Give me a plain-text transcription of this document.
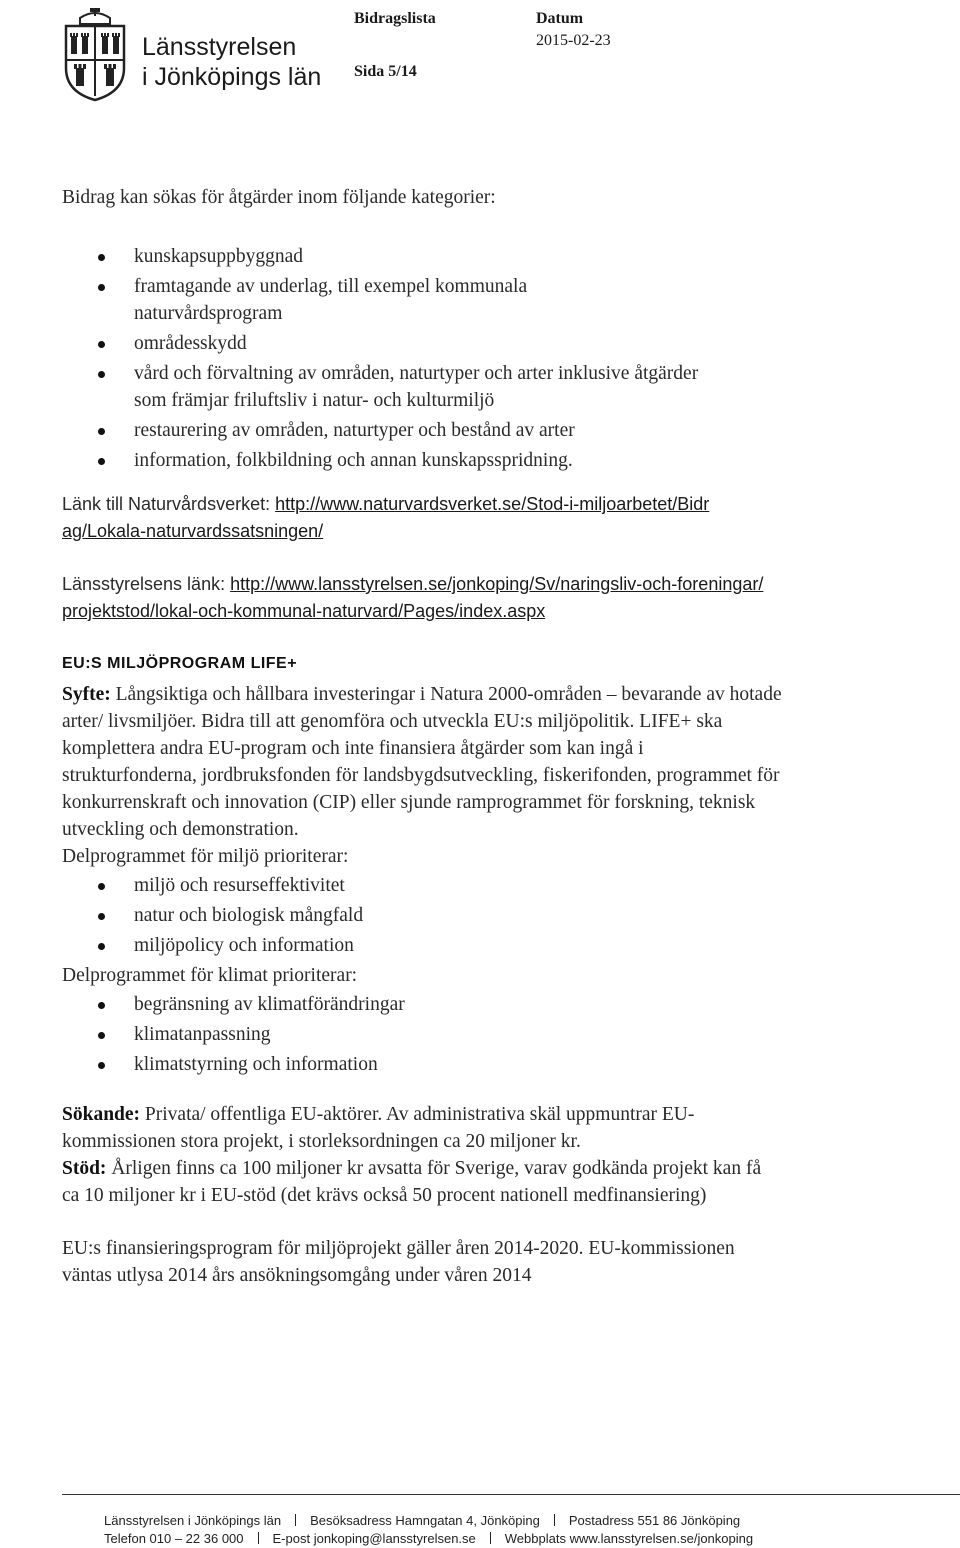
Länsstyrelsen
i Jönköpings län
Bidragslista	Datum
2015-02-23
Sida 5/14

Bidrag kan sökas för åtgärder inom följande kategorier:

kunskapsuppbyggnad
framtagande av underlag, till exempel kommunala naturvårdsprogram
områdesskydd
vård och förvaltning av områden, naturtyper och arter inklusive åtgärder som främjar friluftsliv i natur- och kulturmiljö
restaurering av områden, naturtyper och bestånd av arter
information, folkbildning och annan kunskapsspridning.

Länk till Naturvårdsverket: http://www.naturvardsverket.se/Stod-i-miljoarbetet/Bidrag/Lokala-naturvardssatsningen/

Länsstyrelsens länk: http://www.lansstyrelsen.se/jonkoping/Sv/naringsliv-och-foreningar/projektstod/lokal-och-kommunal-naturvard/Pages/index.aspx

EU:S MILJÖPROGRAM LIFE+

Syfte: Långsiktiga och hållbara investeringar i Natura 2000-områden – bevarande av hotade arter/ livsmiljöer. Bidra till att genomföra och utveckla EU:s miljöpolitik. LIFE+ ska komplettera andra EU-program och inte finansiera åtgärder som kan ingå i strukturfonderna, jordbruksfonden för landsbygdsutveckling, fiskerifonden, programmet för konkurrenskraft och innovation (CIP) eller sjunde ramprogrammet för forskning, teknisk utveckling och demonstration.

Delprogrammet för miljö prioriterar:

miljö och resurseffektivitet
natur och biologisk mångfald
miljöpolicy och information

Delprogrammet för klimat prioriterar:

begränsning av klimatförändringar
klimatanpassning
klimatstyrning och information

Sökande: Privata/ offentliga EU-aktörer. Av administrativa skäl uppmuntrar EU-kommissionen stora projekt, i storleksordningen ca 20 miljoner kr.

Stöd: Årligen finns ca 100 miljoner kr avsatta för Sverige, varav godkända projekt kan få ca 10 miljoner kr i EU-stöd (det krävs också 50 procent nationell medfinansiering)

EU:s finansieringsprogram för miljöprojekt gäller åren 2014-2020. EU-kommissionen väntas utlysa 2014 års ansökningsomgång under våren 2014

Länsstyrelsen i Jönköpings län Besöksadress Hamngatan 4, Jönköping Postadress 551 86 Jönköping
Telefon 010 – 22 36 000 E-post jonkoping@lansstyrelsen.se Webbplats www.lansstyrelsen.se/jonkoping
